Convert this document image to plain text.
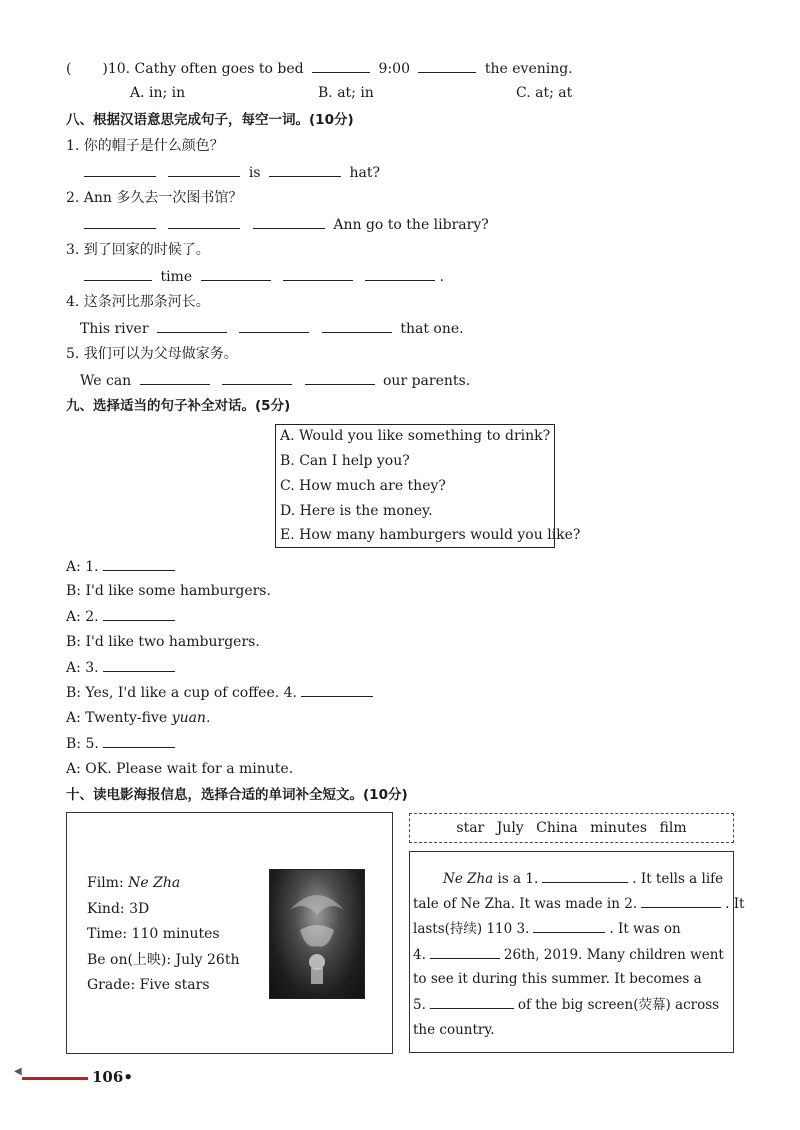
( )10. Cathy often goes to bed	9:00	the evening.
A. in; in	B. at; in	C. at; at
八、根据汉语意思完成句子，每空一词。(10分)
1. 你的帽子是什么颜色？
is	hat?
2. Ann 多久去一次图书馆？
Ann go to the library?
3. 到了回家的时候了。
time	.
4. 这条河比那条河长。
This river	that one.
5. 我们可以为父母做家务。
We can	our parents.
九、选择适当的句子补全对话。(5分)
A. Would you like something to drink?
B. Can I help you?
C. How much are they?
D. Here is the money.
E. How many hamburgers would you like?
A: 1.
B: I'd like some hamburgers.
A: 2.
B: I'd like two hamburgers.
A: 3.
B: Yes, I'd like a cup of coffee. 4.
A: Twenty-five yuan.
B: 5.
A: OK. Please wait for a minute.
十、读电影海报信息，选择合适的单词补全短文。(10分)
Film: Ne Zha
Kind: 3D
Time: 110 minutes
Be on(上映): July 26th
Grade: Five stars
star July China minutes film
Ne Zha is a 1.	. It tells a life
tale of Ne Zha. It was made in 2.	. It
lasts(持续) 110 3.	. It was on
4.	26th, 2019. Many children went
to see it during this summer. It becomes a
5.	of the big screen(荧幕) across
the country.
◀	106•
